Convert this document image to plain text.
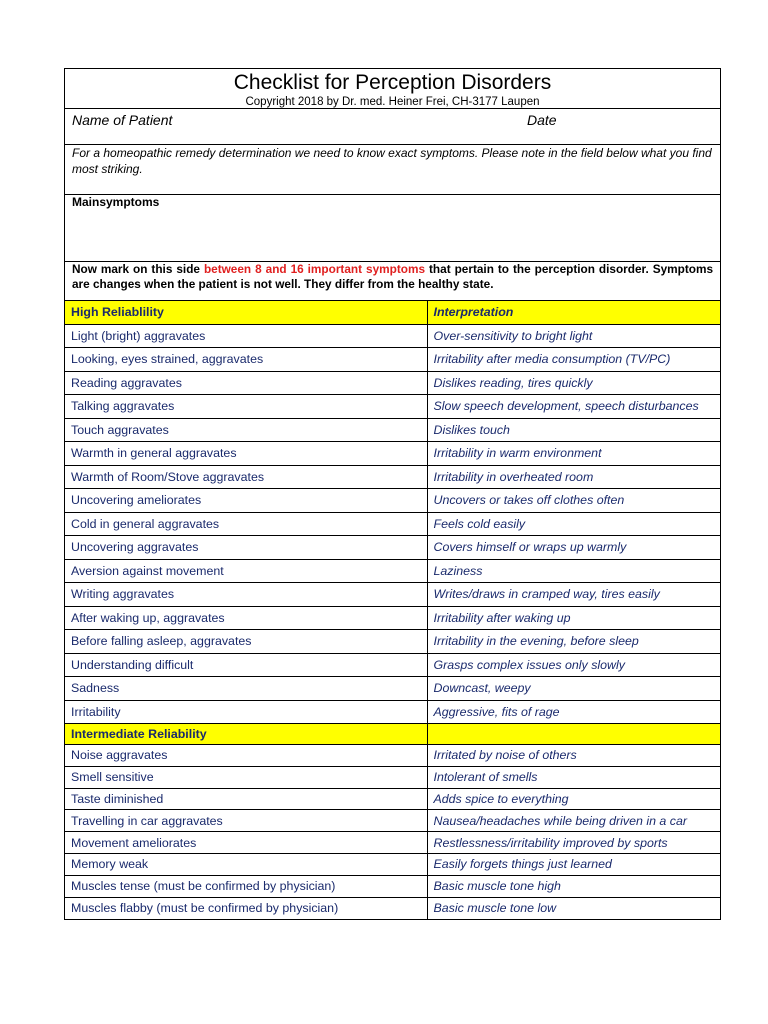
Checklist for Perception Disorders
Copyright 2018 by Dr. med. Heiner Frei, CH-3177 Laupen
Name of Patient	Date
For a homeopathic remedy determination we need to know exact symptoms. Please note in the field below what you find most striking.
Mainsymptoms
Now mark on this side between 8 and 16 important symptoms that pertain to the perception disorder. Symptoms are changes when the patient is not well. They differ from the healthy state.
High Reliablility	Interpretation
Light (bright) aggravates	Over-sensitivity to bright light
Looking, eyes strained, aggravates	Irritability after media consumption (TV/PC)
Reading aggravates	Dislikes reading, tires quickly
Talking aggravates	Slow speech development, speech disturbances
Touch aggravates	Dislikes touch
Warmth in general aggravates	Irritability in warm environment
Warmth of Room/Stove aggravates	Irritability in overheated room
Uncovering ameliorates	Uncovers or takes off clothes often
Cold in general aggravates	Feels cold easily
Uncovering aggravates	Covers himself or wraps up warmly
Aversion against movement	Laziness
Writing aggravates	Writes/draws in cramped way, tires easily
After waking up, aggravates	Irritability after waking up
Before falling asleep, aggravates	Irritability in the evening, before sleep
Understanding difficult	Grasps complex issues only slowly
Sadness	Downcast, weepy
Irritability	Aggressive, fits of rage
Intermediate Reliability	
Noise aggravates	Irritated by noise of others
Smell sensitive	Intolerant of smells
Taste diminished	Adds spice to everything
Travelling in car aggravates	Nausea/headaches while being driven in a car
Movement ameliorates	Restlessness/irritability improved by sports
Memory weak	Easily forgets things just learned
Muscles tense (must be confirmed by physician)	Basic muscle tone high
Muscles flabby (must be confirmed by physician)	Basic muscle tone low
